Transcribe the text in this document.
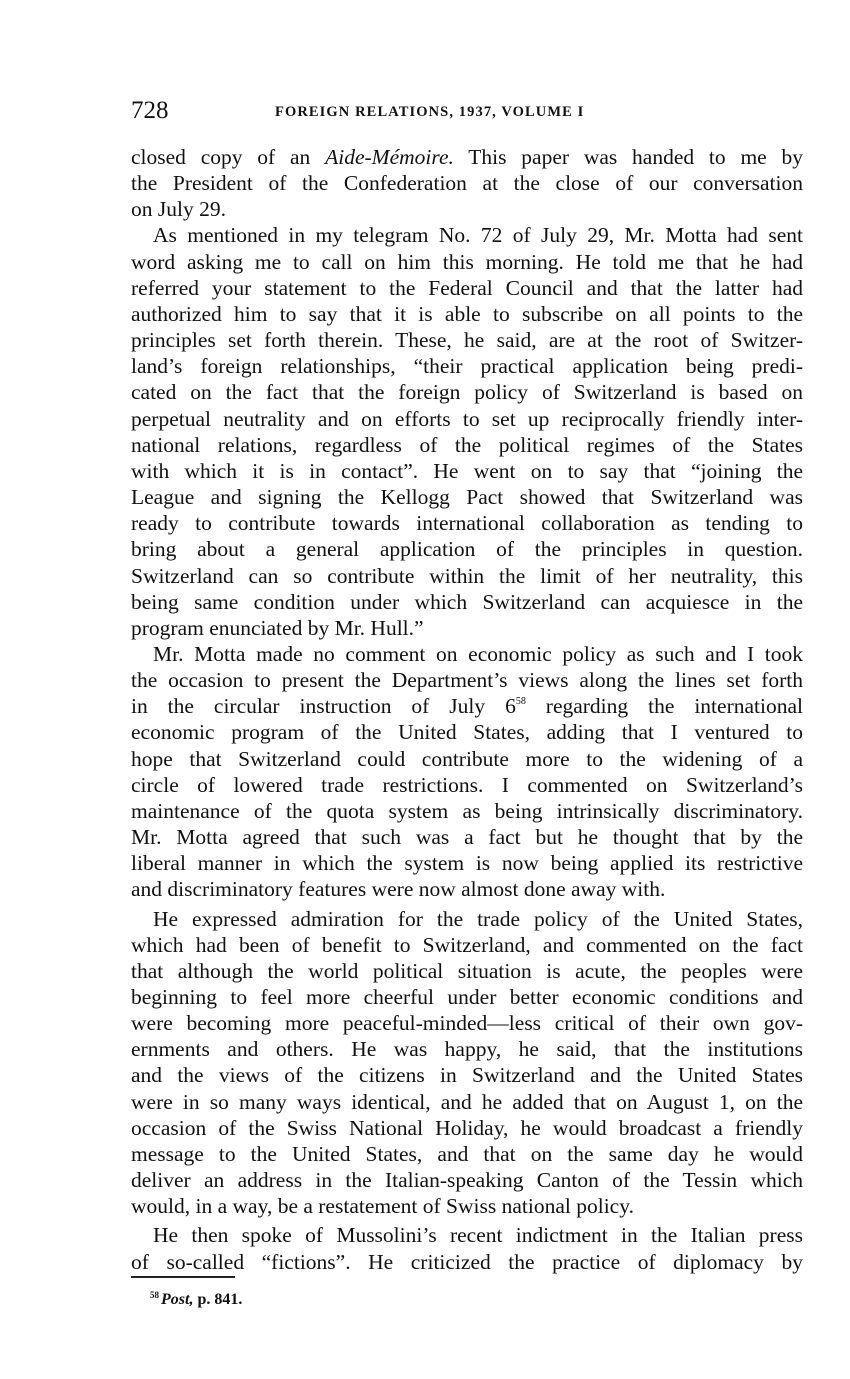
728	FOREIGN RELATIONS, 1937, VOLUME I
closed copy of an Aide-Mémoire. This paper was handed to me by
the President of the Confederation at the close of our conversation
on July 29.
As mentioned in my telegram No. 72 of July 29, Mr. Motta had sent
word asking me to call on him this morning. He told me that he had
referred your statement to the Federal Council and that the latter had
authorized him to say that it is able to subscribe on all points to the
principles set forth therein. These, he said, are at the root of Switzer-
land’s foreign relationships, “their practical application being predi-
cated on the fact that the foreign policy of Switzerland is based on
perpetual neutrality and on efforts to set up reciprocally friendly inter-
national relations, regardless of the political regimes of the States
with which it is in contact”. He went on to say that “joining the
League and signing the Kellogg Pact showed that Switzerland was
ready to contribute towards international collaboration as tending to
bring about a general application of the principles in question.
Switzerland can so contribute within the limit of her neutrality, this
being same condition under which Switzerland can acquiesce in the
program enunciated by Mr. Hull.”
Mr. Motta made no comment on economic policy as such and I took
the occasion to present the Department’s views along the lines set forth
in the circular instruction of July 6$^{58}$ regarding the international
economic program of the United States, adding that I ventured to
hope that Switzerland could contribute more to the widening of a
circle of lowered trade restrictions. I commented on Switzerland’s
maintenance of the quota system as being intrinsically discriminatory.
Mr. Motta agreed that such was a fact but he thought that by the
liberal manner in which the system is now being applied its restrictive
and discriminatory features were now almost done away with.
He expressed admiration for the trade policy of the United States,
which had been of benefit to Switzerland, and commented on the fact
that although the world political situation is acute, the peoples were
beginning to feel more cheerful under better economic conditions and
were becoming more peaceful-minded—less critical of their own gov-
ernments and others. He was happy, he said, that the institutions
and the views of the citizens in Switzerland and the United States
were in so many ways identical, and he added that on August 1, on the
occasion of the Swiss National Holiday, he would broadcast a friendly
message to the United States, and that on the same day he would
deliver an address in the Italian-speaking Canton of the Tessin which
would, in a way, be a restatement of Swiss national policy.
He then spoke of Mussolini’s recent indictment in the Italian press
of so-called “fictions”. He criticized the practice of diplomacy by
$^{58}$ Post, p. 841.
